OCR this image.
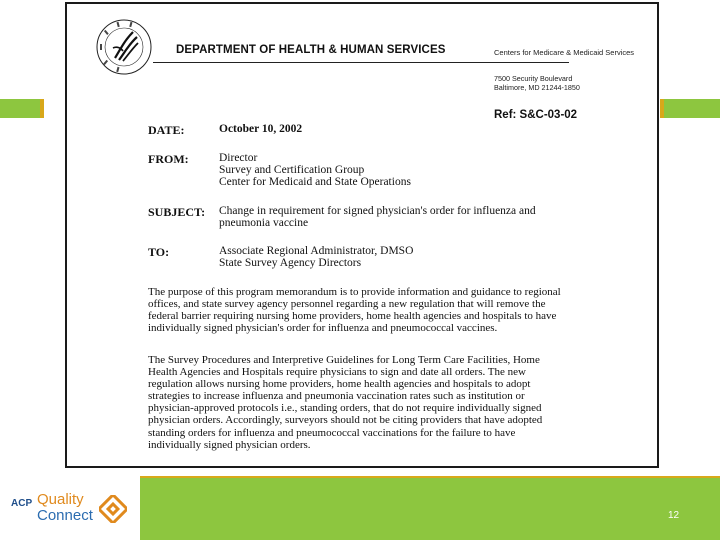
DEPARTMENT OF HEALTH & HUMAN SERVICES	Centers for Medicare & Medicaid Services
7500 Security Boulevard
Baltimore, MD 21244-1850
Ref: S&C-03-02
DATE:	October 10, 2002
FROM:	Director
Survey and Certification Group
Center for Medicaid and State Operations
SUBJECT: Change in requirement for signed physician's order for influenza and
pneumonia vaccine
TO:	Associate Regional Administrator, DMSO
State Survey Agency Directors
The purpose of this program memorandum is to provide information and guidance to regional
offices, and state survey agency personnel regarding a new regulation that will remove the
federal barrier requiring nursing home providers, home health agencies and hospitals to have
individually signed physician's order for influenza and pneumococcal vaccines.
The Survey Procedures and Interpretive Guidelines for Long Term Care Facilities, Home
Health Agencies and Hospitals require physicians to sign and date all orders. The new
regulation allows nursing home providers, home health agencies and hospitals to adopt
strategies to increase influenza and pneumonia vaccination rates such as institution or
physician-approved protocols i.e., standing orders, that do not require individually signed
physician orders. Accordingly, surveyors should not be citing providers that have adopted
standing orders for influenza and pneumococcal vaccinations for the failure to have
individually signed physician orders.
ACP Quality
Connect	12
